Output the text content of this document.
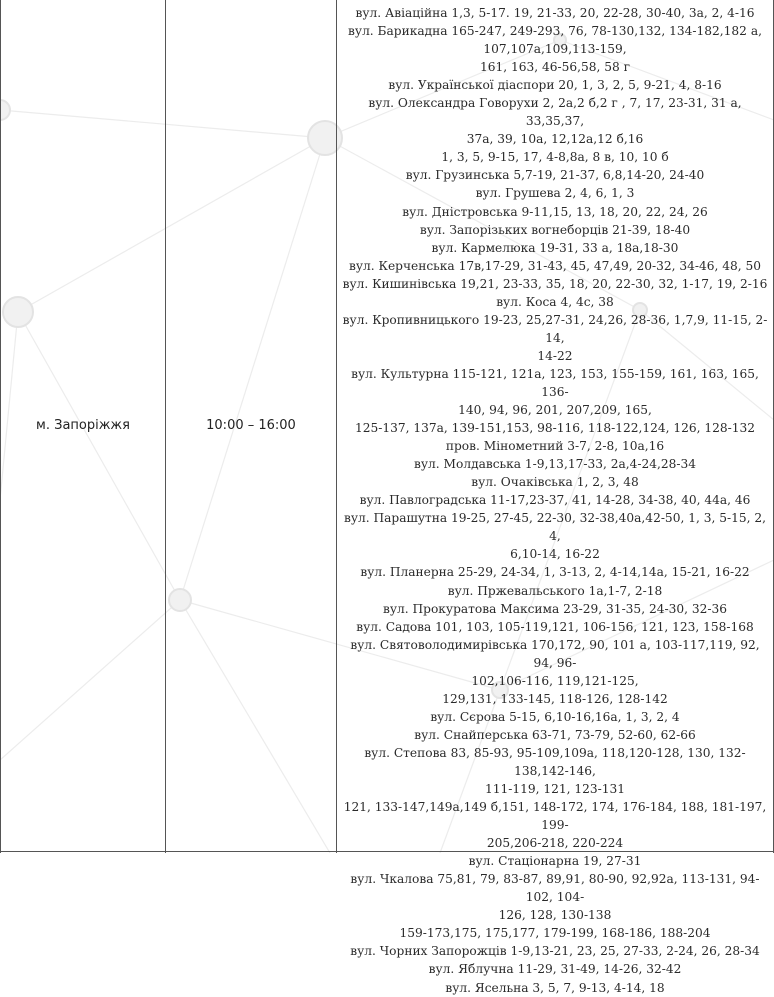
м. Запоріжжя	10:00 – 16:00
вул. Авіаційна 1,3, 5-17. 19, 21-33, 20, 22-28, 30-40, 3а, 2, 4-16
вул. Барикадна 165-247, 249-293, 76, 78-130,132, 134-182,182 а,
107,107а,109,113-159,
161, 163, 46-56,58, 58 г
вул. Української діаспори 20, 1, 3, 2, 5, 9-21, 4, 8-16
вул. Олександра Говорухи 2, 2а,2 б,2 г , 7, 17, 23-31, 31 а, 33,35,37,
37а, 39, 10а, 12,12а,12 б,16
1, 3, 5, 9-15, 17, 4-8,8а, 8 в, 10, 10 б
вул. Грузинська 5,7-19, 21-37, 6,8,14-20, 24-40
вул. Грушева 2, 4, 6, 1, 3
вул. Дністровська 9-11,15, 13, 18, 20, 22, 24, 26
вул. Запорізьких вогнеборців 21-39, 18-40
вул. Кармелюка 19-31, 33 а, 18а,18-30
вул. Керченська 17в,17-29, 31-43, 45, 47,49, 20-32, 34-46, 48, 50
вул. Кишинівська 19,21, 23-33, 35, 18, 20, 22-30, 32, 1-17, 19, 2-16
вул. Коса 4, 4с, 38
вул. Кропивницького 19-23, 25,27-31, 24,26, 28-36, 1,7,9, 11-15, 2-14,
14-22
вул. Культурна 115-121, 121а, 123, 153, 155-159, 161, 163, 165, 136-
140, 94, 96, 201, 207,209, 165,
125-137, 137а, 139-151,153, 98-116, 118-122,124, 126, 128-132
пров. Мінометний 3-7, 2-8, 10а,16
вул. Молдавська 1-9,13,17-33, 2а,4-24,28-34
вул. Очаківська 1, 2, 3, 48
вул. Павлоградська 11-17,23-37, 41, 14-28, 34-38, 40, 44а, 46
вул. Парашутна 19-25, 27-45, 22-30, 32-38,40а,42-50, 1, 3, 5-15, 2, 4,
6,10-14, 16-22
вул. Планерна 25-29, 24-34, 1, 3-13, 2, 4-14,14а, 15-21, 16-22
вул. Пржевальського 1а,1-7, 2-18
вул. Прокуратова Максима 23-29, 31-35, 24-30, 32-36
вул. Садова 101, 103, 105-119,121, 106-156, 121, 123, 158-168
вул. Святоволодимирівська 170,172, 90, 101 а, 103-117,119, 92, 94, 96-
102,106-116, 119,121-125,
129,131, 133-145, 118-126, 128-142
вул. Сєрова 5-15, 6,10-16,16а, 1, 3, 2, 4
вул. Снайперська 63-71, 73-79, 52-60, 62-66
вул. Степова 83, 85-93, 95-109,109а, 118,120-128, 130, 132-138,142-146,
111-119, 121, 123-131
121, 133-147,149а,149 б,151, 148-172, 174, 176-184, 188, 181-197, 199-
205,206-218, 220-224
вул. Стаціонарна 19, 27-31
вул. Чкалова 75,81, 79, 83-87, 89,91, 80-90, 92,92а, 113-131, 94-102, 104-
126, 128, 130-138
159-173,175, 175,177, 179-199, 168-186, 188-204
вул. Чорних Запорожців 1-9,13-21, 23, 25, 27-33, 2-24, 26, 28-34
вул. Яблучна 11-29, 31-49, 14-26, 32-42
вул. Ясельна 3, 5, 7, 9-13, 4-14, 18
